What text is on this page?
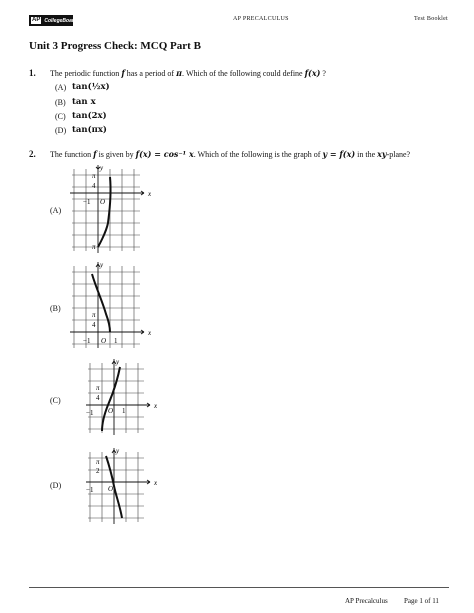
AP CollegeBoard	AP PRECALCULUS	Test Booklet
Unit 3 Progress Check: MCQ Part B
1. The periodic function f has a period of π. Which of the following could define f(x) ?
(A) tan(½x)
(B) tan x
(C) tan(2x)
(D) tan(πx)
2. The function f is given by f(x) = cos⁻¹ x. Which of the following is the graph of y = f(x) in the xy-plane?
(A)
x
y
π
4
−1 O
π
(B)
x
y
π
4
−1 O 1
(C)
x
y
π
4
−1 O 1
(D)	x
y
π
2
−1 O
AP Precalculus Page 1 of 11
